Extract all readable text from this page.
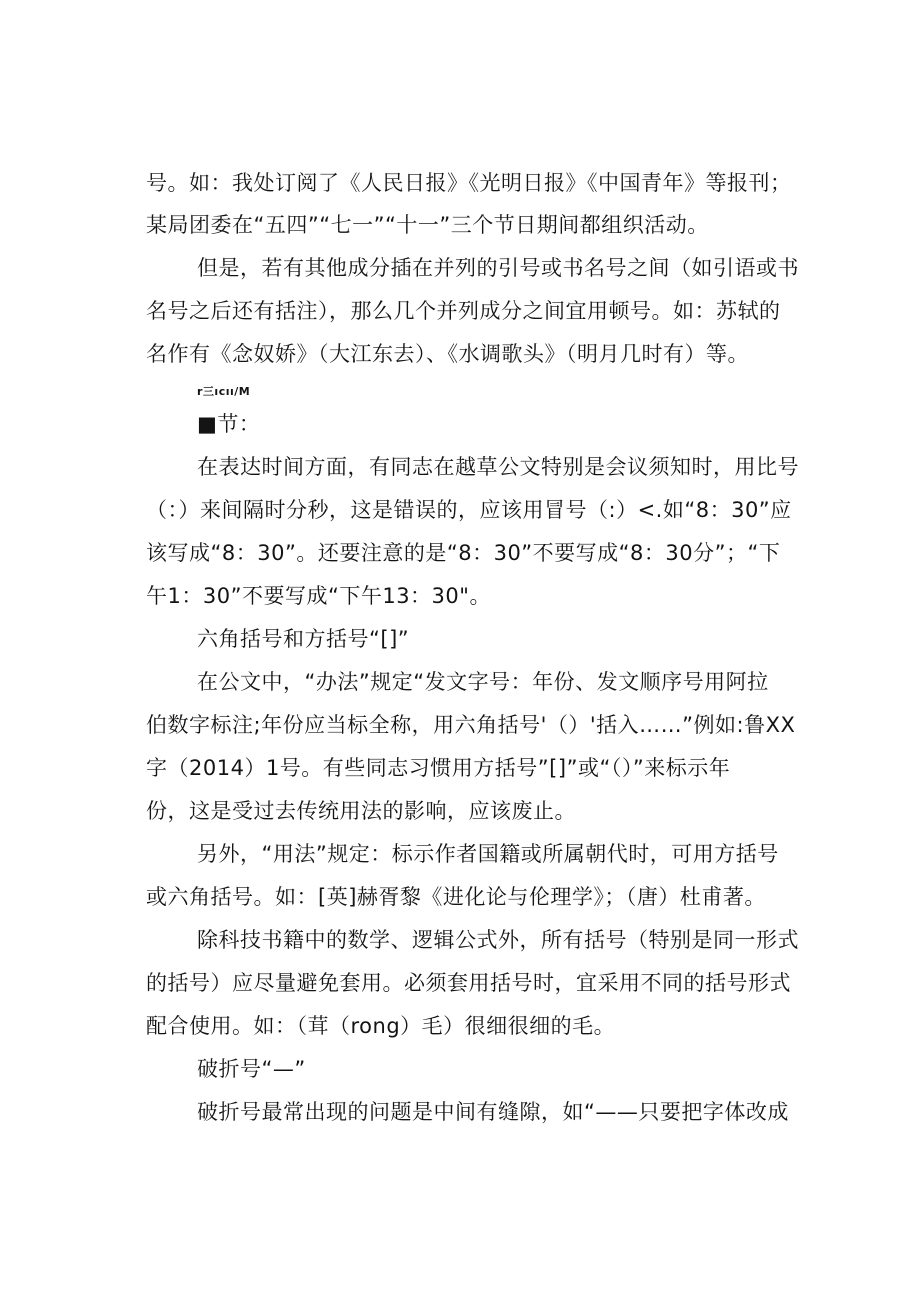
号。如：我处订阅了《人民日报》《光明日报》《中国青年》等报刊；
某局团委在“五四”“七一”“十一”三个节日期间都组织活动。
但是，若有其他成分插在并列的引号或书名号之间（如引语或书
名号之后还有括注），那么几个并列成分之间宜用顿号。如：苏轼的
名作有《念奴娇》（大江东去）、《水调歌头》（明月几时有）等。
r三ıcıı/M
■节：
在表达时间方面，有同志在越草公文特别是会议须知时，用比号
（：）来间隔时分秒，这是错误的，应该用冒号（:）<.如“8：30”应
该写成“8：30”。还要注意的是“8：30”不要写成“8：30分”；“下
午1：30”不要写成“下午13：30"。
六角括号和方括号“[]”
在公文中，“办法”规定“发文字号：年份、发文顺序号用阿拉
伯数字标注;年份应当标全称，用六角括号'（）'括入……”例如:鲁XX
字（2014）1号。有些同志习惯用方括号”[]”或“（）”来标示年
份，这是受过去传统用法的影响，应该废止。
另外，“用法”规定：标示作者国籍或所属朝代时，可用方括号
或六角括号。如：[英]赫胥黎《进化论与伦理学》；（唐）杜甫著。
除科技书籍中的数学、逻辑公式外，所有括号（特别是同一形式
的括号）应尽量避免套用。必须套用括号时，宜采用不同的括号形式
配合使用。如：（茸（rong）毛）很细很细的毛。
破折号“—”
破折号最常出现的问题是中间有缝隙，如“——只要把字体改成
